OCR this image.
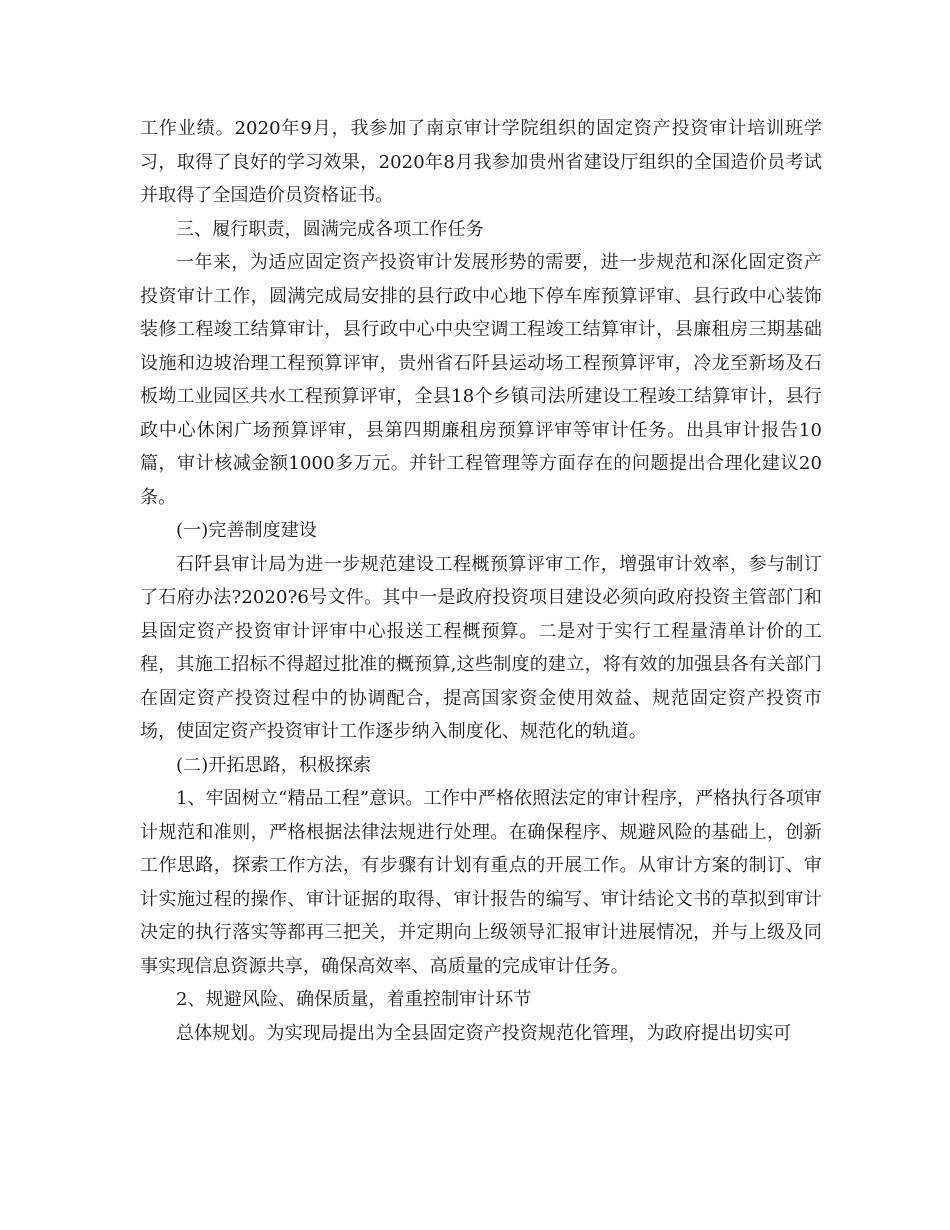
工作业绩。2020年9月，我参加了南京审计学院组织的固定资产投资审计培训班学习，取得了良好的学习效果，2020年8月我参加贵州省建设厅组织的全国造价员考试并取得了全国造价员资格证书。

三、履行职责，圆满完成各项工作任务

一年来，为适应固定资产投资审计发展形势的需要，进一步规范和深化固定资产投资审计工作，圆满完成局安排的县行政中心地下停车库预算评审、县行政中心装饰装修工程竣工结算审计，县行政中心中央空调工程竣工结算审计，县廉租房三期基础设施和边坡治理工程预算评审，贵州省石阡县运动场工程预算评审，冷龙至新场及石板坳工业园区共水工程预算评审，全县18个乡镇司法所建设工程竣工结算审计，县行政中心休闲广场预算评审，县第四期廉租房预算评审等审计任务。出具审计报告10篇，审计核减金额1000多万元。并针工程管理等方面存在的问题提出合理化建议20条。

(一)完善制度建设

石阡县审计局为进一步规范建设工程概预算评审工作，增强审计效率，参与制订了石府办法?2020?6号文件。其中一是政府投资项目建设必须向政府投资主管部门和县固定资产投资审计评审中心报送工程概预算。二是对于实行工程量清单计价的工程，其施工招标不得超过批准的概预算,这些制度的建立，将有效的加强县各有关部门在固定资产投资过程中的协调配合，提高国家资金使用效益、规范固定资产投资市场，使固定资产投资审计工作逐步纳入制度化、规范化的轨道。

(二)开拓思路，积极探索

1、牢固树立“精品工程”意识。工作中严格依照法定的审计程序，严格执行各项审计规范和准则，严格根据法律法规进行处理。在确保程序、规避风险的基础上，创新工作思路，探索工作方法，有步骤有计划有重点的开展工作。从审计方案的制订、审计实施过程的操作、审计证据的取得、审计报告的编写、审计结论文书的草拟到审计决定的执行落实等都再三把关，并定期向上级领导汇报审计进展情况，并与上级及同事实现信息资源共享，确保高效率、高质量的完成审计任务。

2、规避风险、确保质量，着重控制审计环节

总体规划。为实现局提出为全县固定资产投资规范化管理，为政府提出切实可
